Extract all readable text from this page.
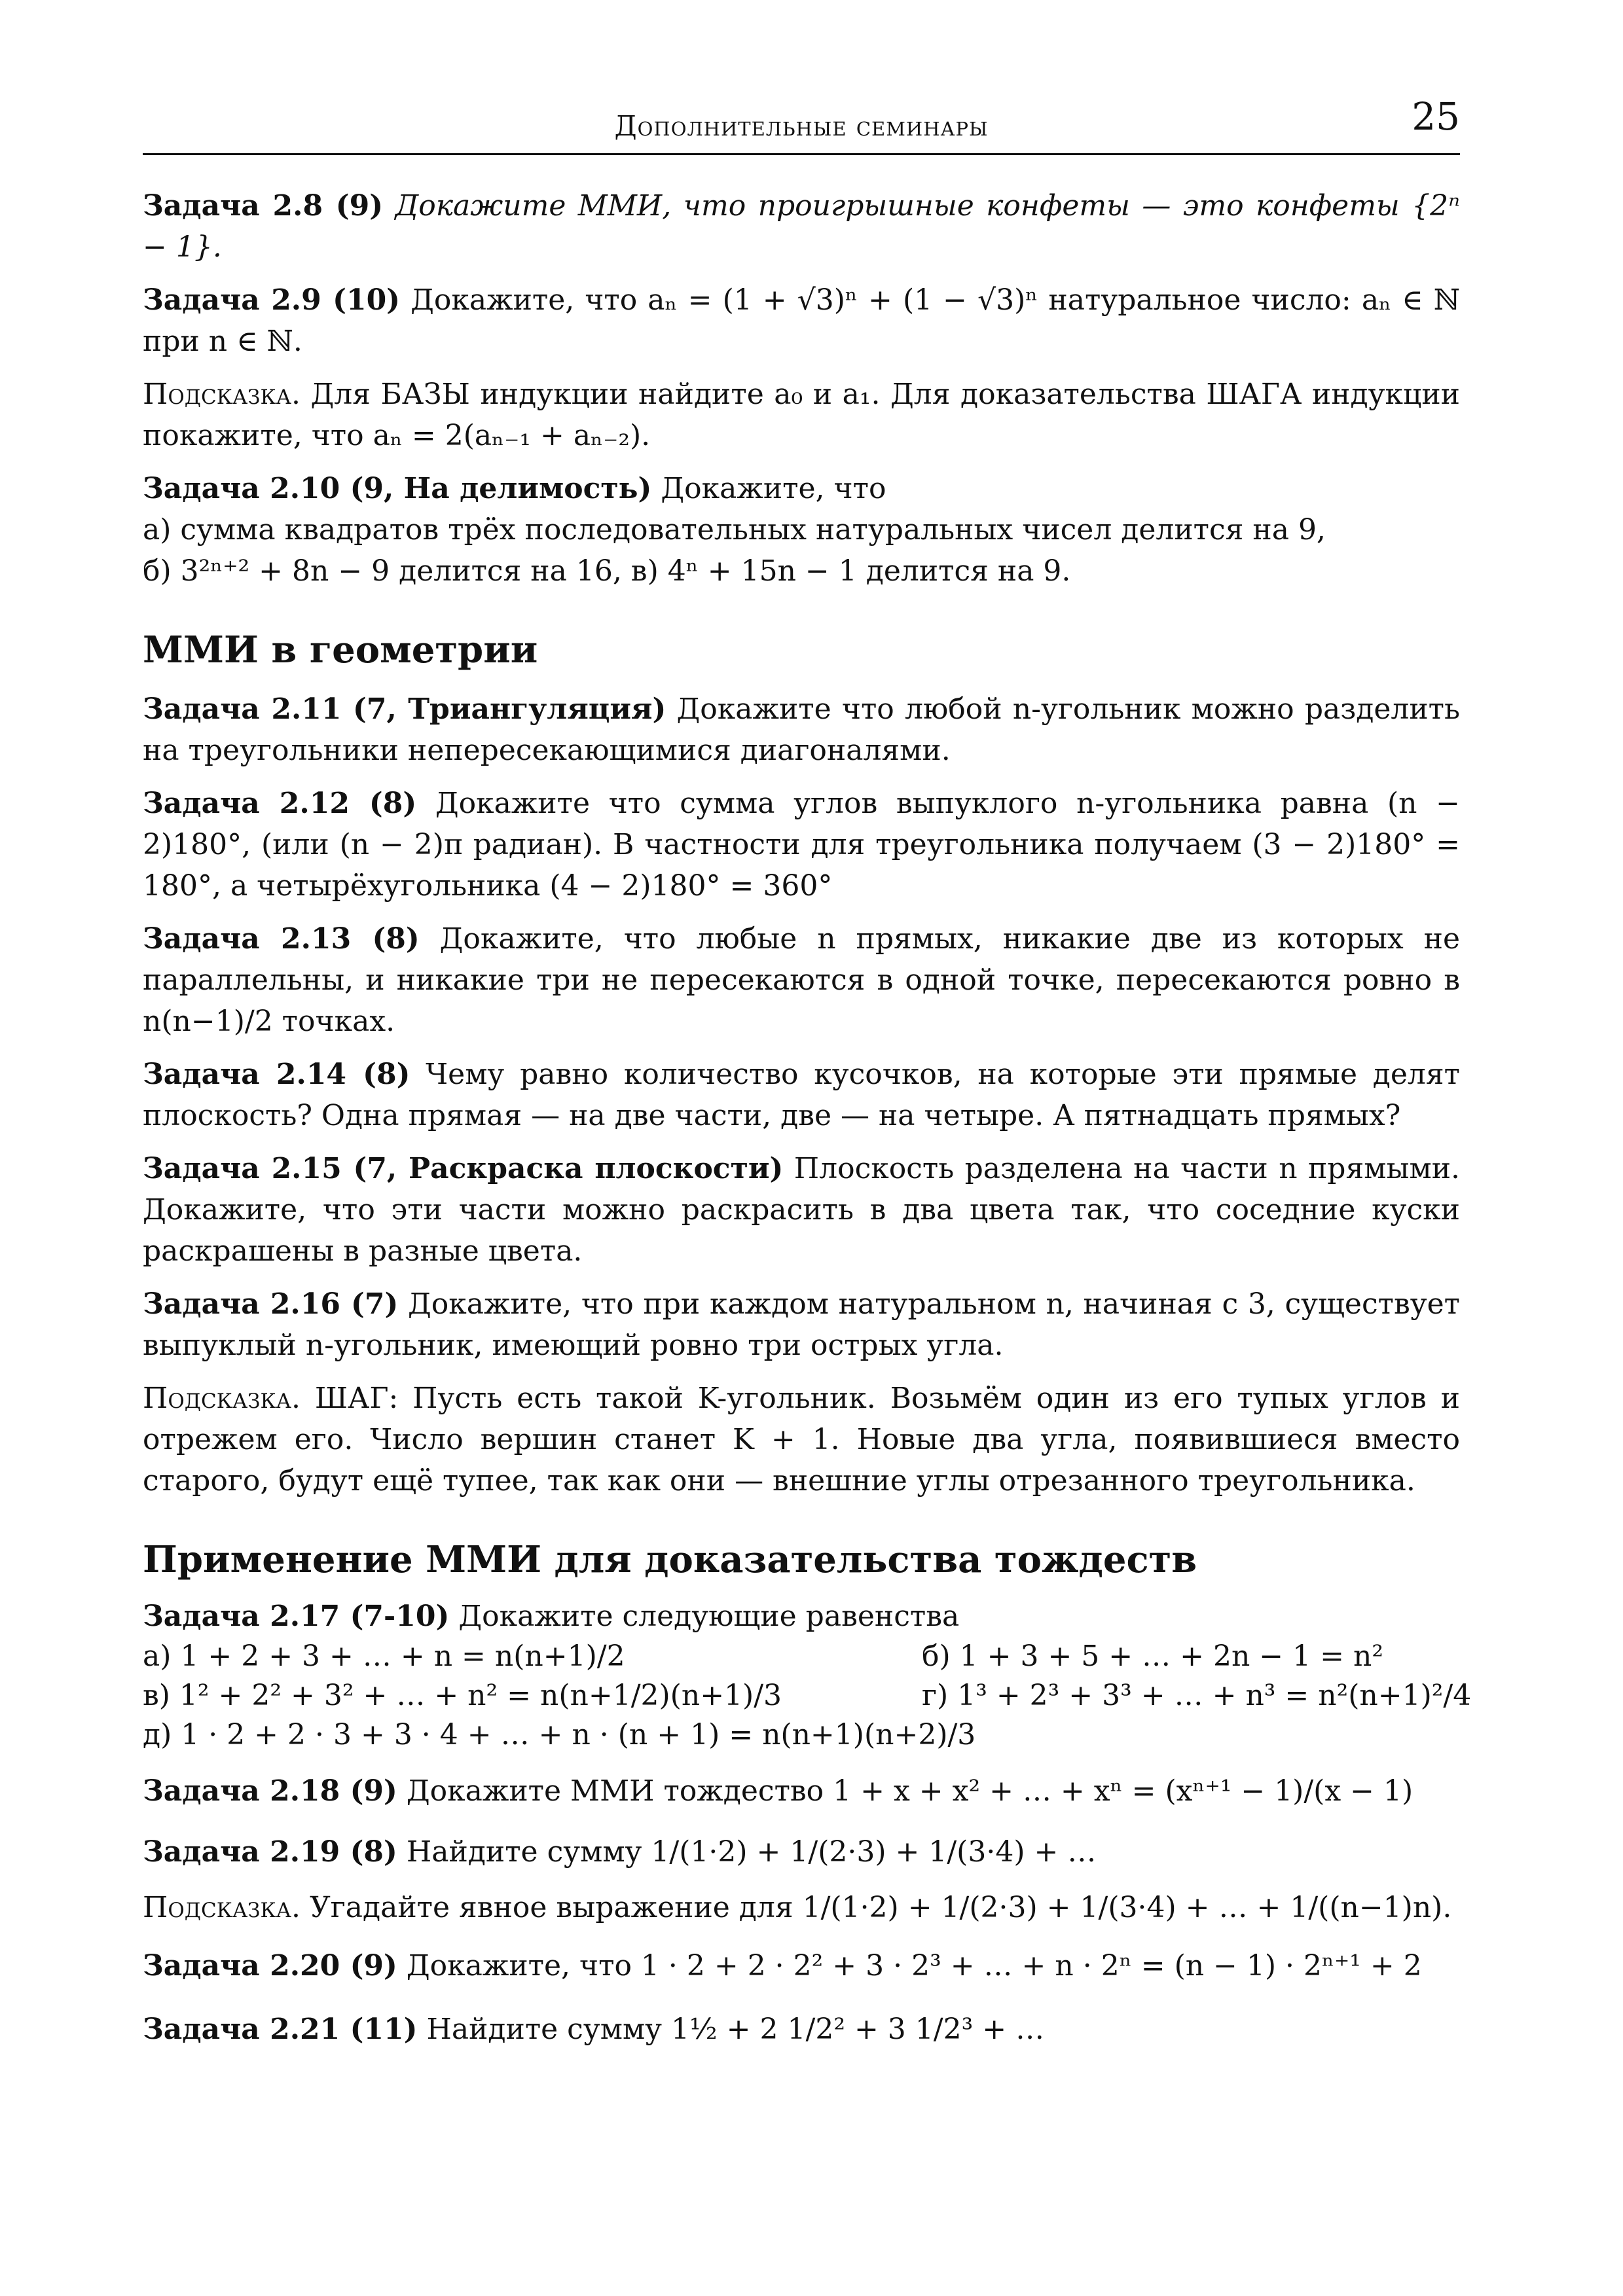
Дополнительные семинары	25

Задача 2.8 (9) Докажите ММИ, что проигрышные конфеты — это конфеты {2ⁿ − 1}.

Задача 2.9 (10) Докажите, что aₙ = (1 + √3)ⁿ + (1 − √3)ⁿ натуральное число: aₙ ∈ ℕ при n ∈ ℕ.

Подсказка. Для БАЗЫ индукции найдите a₀ и a₁. Для доказательства ШАГА индукции покажите, что aₙ = 2(aₙ₋₁ + aₙ₋₂).

Задача 2.10 (9, На делимость) Докажите, что

а) сумма квадратов трёх последовательных натуральных чисел делится на 9,

б) 3²ⁿ⁺² + 8n − 9 делится на 16, в) 4ⁿ + 15n − 1 делится на 9.

ММИ в геометрии

Задача 2.11 (7, Триангуляция) Докажите что любой n-угольник можно разделить на треугольники непересекающимися диагоналями.

Задача 2.12 (8) Докажите что сумма углов выпуклого n-угольника равна (n − 2)180°, (или (n − 2)π радиан). В частности для треугольника получаем (3 − 2)180° = 180°, а четырёхугольника (4 − 2)180° = 360°

Задача 2.13 (8) Докажите, что любые n прямых, никакие две из которых не параллельны, и никакие три не пересекаются в одной точке, пересекаются ровно в n(n−1)/2 точках.

Задача 2.14 (8) Чему равно количество кусочков, на которые эти прямые делят плоскость? Одна прямая — на две части, две — на четыре. А пятнадцать прямых?

Задача 2.15 (7, Раскраска плоскости) Плоскость разделена на части n прямыми. Докажите, что эти части можно раскрасить в два цвета так, что соседние куски раскрашены в разные цвета.

Задача 2.16 (7) Докажите, что при каждом натуральном n, начиная с 3, существует выпуклый n-угольник, имеющий ровно три острых угла.

Подсказка. ШАГ: Пусть есть такой K-угольник. Возьмём один из его тупых углов и отрежем его. Число вершин станет K + 1. Новые два угла, появившиеся вместо старого, будут ещё тупее, так как они — внешние углы отрезанного треугольника.

Применение ММИ для доказательства тождеств

Задача 2.17 (7-10) Докажите следующие равенства

а) 1 + 2 + 3 + … + n = n(n+1)/2	б) 1 + 3 + 5 + … + 2n − 1 = n²
в) 1² + 2² + 3² + … + n² = n(n+1/2)(n+1)/3	г) 1³ + 2³ + 3³ + … + n³ = n²(n+1)²/4
д) 1 · 2 + 2 · 3 + 3 · 4 + … + n · (n + 1) = n(n+1)(n+2)/3

Задача 2.18 (9) Докажите ММИ тождество 1 + x + x² + … + xⁿ = (xⁿ⁺¹ − 1)/(x − 1)

Задача 2.19 (8) Найдите сумму 1/(1·2) + 1/(2·3) + 1/(3·4) + …

Подсказка. Угадайте явное выражение для 1/(1·2) + 1/(2·3) + 1/(3·4) + … + 1/((n−1)n).

Задача 2.20 (9) Докажите, что 1 · 2 + 2 · 2² + 3 · 2³ + … + n · 2ⁿ = (n − 1) · 2ⁿ⁺¹ + 2

Задача 2.21 (11) Найдите сумму 1½ + 2 1/2² + 3 1/2³ + …
